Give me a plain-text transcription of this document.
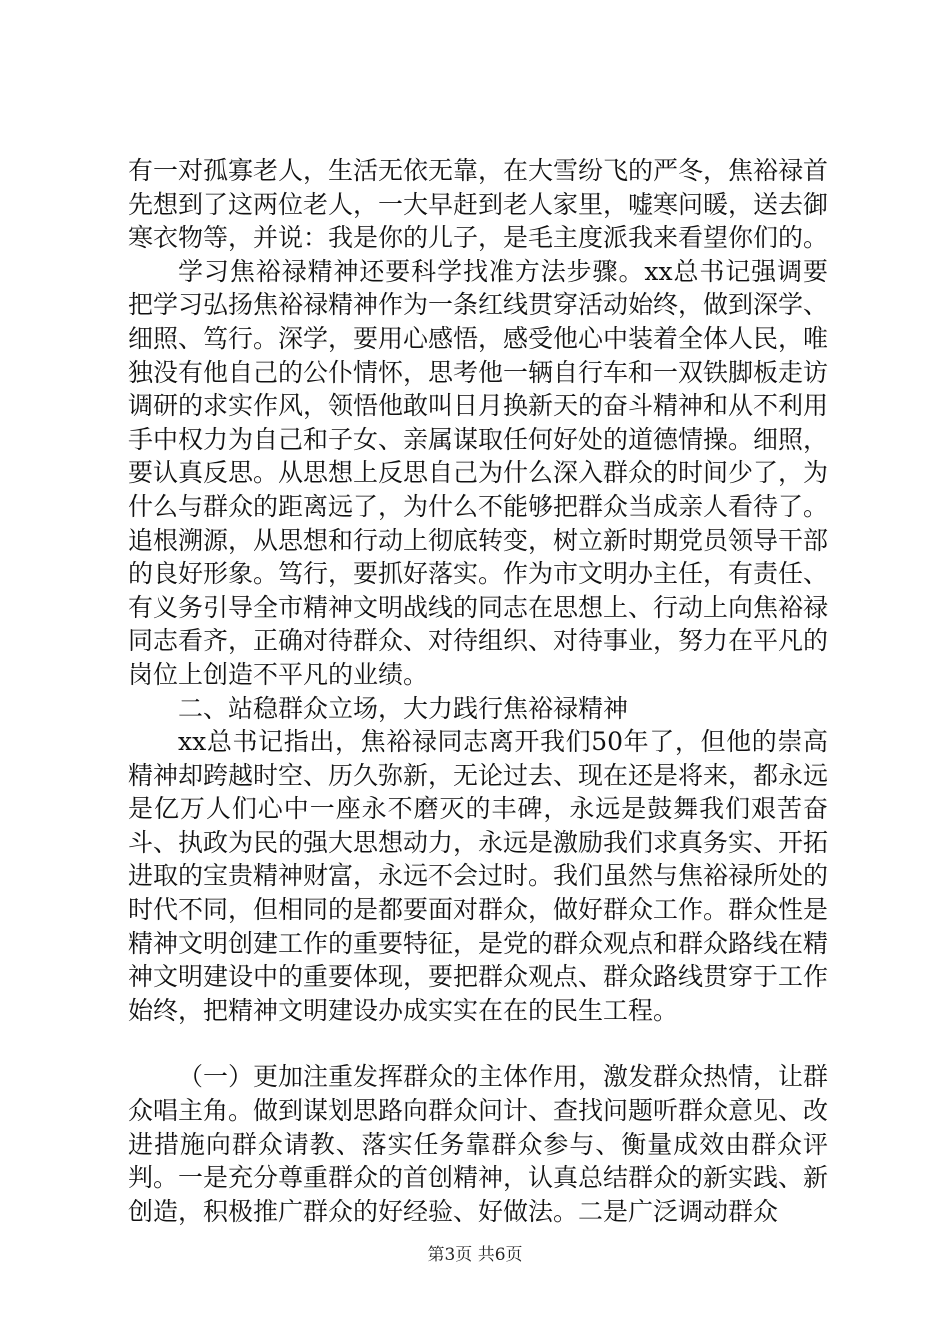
有一对孤寡老人，生活无依无靠，在大雪纷飞的严冬，焦裕禄首先想到了这两位老人，一大早赶到老人家里，嘘寒问暖，送去御寒衣物等，并说：我是你的儿子，是毛主度派我来看望你们的。

学习焦裕禄精神还要科学找准方法步骤。xx总书记强调要把学习弘扬焦裕禄精神作为一条红线贯穿活动始终，做到深学、细照、笃行。深学，要用心感悟，感受他心中装着全体人民，唯独没有他自己的公仆情怀，思考他一辆自行车和一双铁脚板走访调研的求实作风，领悟他敢叫日月换新天的奋斗精神和从不利用手中权力为自己和子女、亲属谋取任何好处的道德情操。细照，要认真反思。从思想上反思自己为什么深入群众的时间少了，为什么与群众的距离远了，为什么不能够把群众当成亲人看待了。追根溯源，从思想和行动上彻底转变，树立新时期党员领导干部的良好形象。笃行，要抓好落实。作为市文明办主任，有责任、有义务引导全市精神文明战线的同志在思想上、行动上向焦裕禄同志看齐，正确对待群众、对待组织、对待事业，努力在平凡的岗位上创造不平凡的业绩。

二、站稳群众立场，大力践行焦裕禄精神

xx总书记指出，焦裕禄同志离开我们50年了，但他的崇高精神却跨越时空、历久弥新，无论过去、现在还是将来，都永远是亿万人们心中一座永不磨灭的丰碑，永远是鼓舞我们艰苦奋斗、执政为民的强大思想动力，永远是激励我们求真务实、开拓进取的宝贵精神财富，永远不会过时。我们虽然与焦裕禄所处的时代不同，但相同的是都要面对群众，做好群众工作。群众性是精神文明创建工作的重要特征，是党的群众观点和群众路线在精神文明建设中的重要体现，要把群众观点、群众路线贯穿于工作始终，把精神文明建设办成实实在在的民生工程。

（一）更加注重发挥群众的主体作用，激发群众热情，让群众唱主角。做到谋划思路向群众问计、查找问题听群众意见、改进措施向群众请教、落实任务靠群众参与、衡量成效由群众评判。一是充分尊重群众的首创精神，认真总结群众的新实践、新创造，积极推广群众的好经验、好做法。二是广泛调动群众

第3页 共6页
